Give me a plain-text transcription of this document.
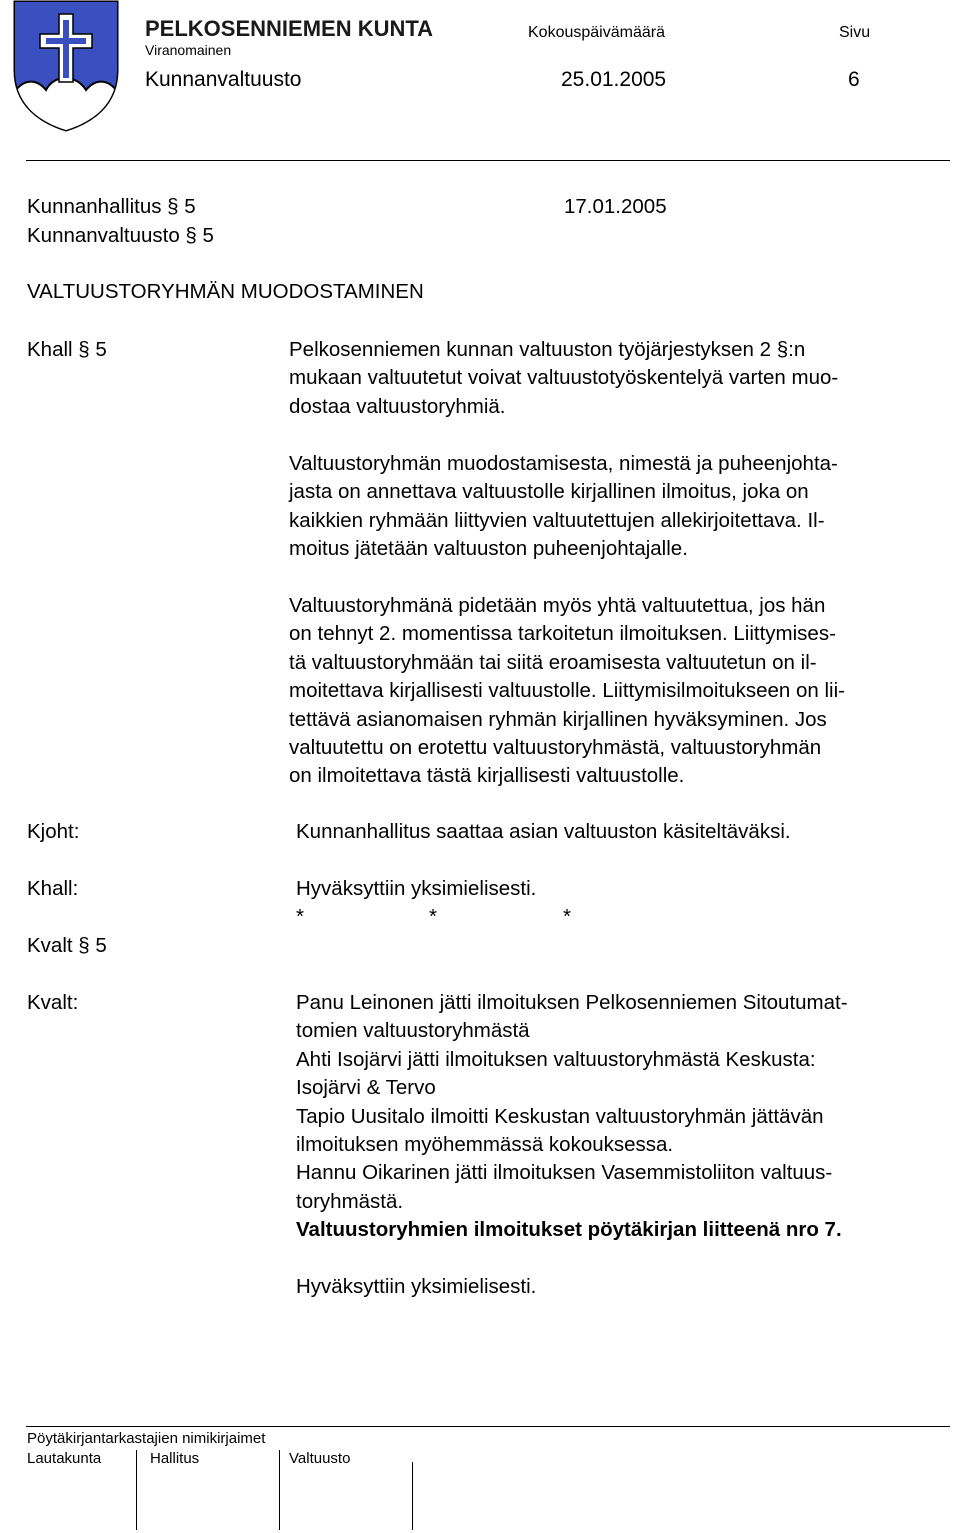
PELKOSENNIEMEN KUNTA	Kokouspäivämäärä	Sivu
Viranomainen
Kunnanvaltuusto	25.01.2005	6
Kunnanhallitus § 5	17.01.2005
Kunnanvaltuusto § 5
VALTUUSTORYHMÄN MUODOSTAMINEN
Khall § 5	Pelkosenniemen kunnan valtuuston työjärjestyksen 2 §:n
mukaan valtuutetut voivat valtuustotyöskentelyä varten muo-
dostaa valtuustoryhmiä.
Valtuustoryhmän muodostamisesta, nimestä ja puheenjohta-
jasta on annettava valtuustolle kirjallinen ilmoitus, joka on
kaikkien ryhmään liittyvien valtuutettujen allekirjoitettava. Il-
moitus jätetään valtuuston puheenjohtajalle.
Valtuustoryhmänä pidetään myös yhtä valtuutettua, jos hän
on tehnyt 2. momentissa tarkoitetun ilmoituksen. Liittymises-
tä valtuustoryhmään tai siitä eroamisesta valtuutetun on il-
moitettava kirjallisesti valtuustolle. Liittymisilmoitukseen on lii-
tettävä asianomaisen ryhmän kirjallinen hyväksyminen. Jos
valtuutettu on erotettu valtuustoryhmästä, valtuustoryhmän
on ilmoitettava tästä kirjallisesti valtuustolle.
Kjoht:	Kunnanhallitus saattaa asian valtuuston käsiteltäväksi.
Khall:	Hyväksyttiin yksimielisesti.
*	*	*
Kvalt § 5
Kvalt:	Panu Leinonen jätti ilmoituksen Pelkosenniemen Sitoutumat-
tomien valtuustoryhmästä
Ahti Isojärvi jätti ilmoituksen valtuustoryhmästä Keskusta:
Isojärvi & Tervo
Tapio Uusitalo ilmoitti Keskustan valtuustoryhmän jättävän
ilmoituksen myöhemmässä kokouksessa.
Hannu Oikarinen jätti ilmoituksen Vasemmistoliiton valtuus-
toryhmästä.
Valtuustoryhmien ilmoitukset pöytäkirjan liitteenä nro 7.
Hyväksyttiin yksimielisesti.
Pöytäkirjantarkastajien nimikirjaimet
Lautakunta	Hallitus	Valtuusto
